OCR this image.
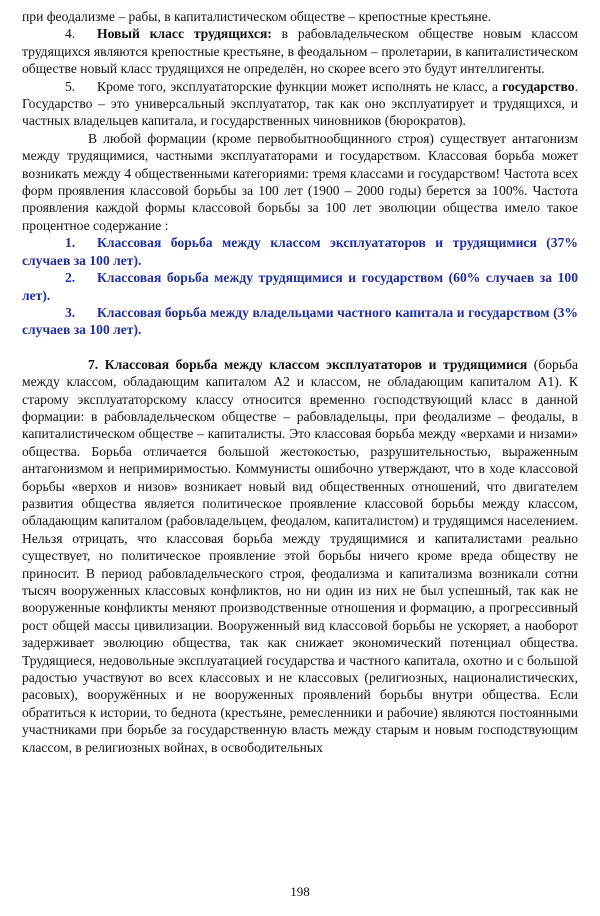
при феодализме – рабы, в капиталистическом обществе – крепостные крестьяне.

4. Новый класс трудящихся: в рабовладельческом обществе новым классом трудящихся являются крепостные крестьяне, в феодальном – пролетарии, в капиталистическом обществе новый класс трудящихся не определён, но скорее всего это будут интеллигенты.

5. Кроме того, эксплуататорские функции может исполнять не класс, а государство. Государство – это универсальный эксплуататор, так как оно эксплуатирует и трудящихся, и частных владельцев капитала, и государственных чиновников (бюрократов).

В любой формации (кроме первобытнообщинного строя) существует антагонизм между трудящимися, частными эксплуататорами и государством. Классовая борьба может возникать между 4 общественными категориями: тремя классами и государством! Частота всех форм проявления классовой борьбы за 100 лет (1900 – 2000 годы) берется за 100%. Частота проявления каждой формы классовой борьбы за 100 лет эволюции общества имело такое процентное содержание :

1. Классовая борьба между классом эксплуататоров и трудящимися (37% случаев за 100 лет).

2. Классовая борьба между трудящимися и государством (60% случаев за 100 лет).

3. Классовая борьба между владельцами частного капитала и государством (3% случаев за 100 лет).

7. Классовая борьба между классом эксплуататоров и трудящимися (борьба между классом, обладающим капиталом А2 и классом, не обладающим капиталом А1). К старому эксплуататорскому классу относится временно господствующий класс в данной формации: в рабовладельческом обществе – рабовладельцы, при феодализме – феодалы, в капиталистическом обществе – капиталисты. Это классовая борьба между «верхами и низами» общества. Борьба отличается большой жестокостью, разрушительностью, выраженным антагонизмом и непримиримостью. Коммунисты ошибочно утверждают, что в ходе классовой борьбы «верхов и низов» возникает новый вид общественных отношений, что двигателем развития общества является политическое проявление классовой борьбы между классом, обладающим капиталом (рабовладельцем, феодалом, капиталистом) и трудящимся населением. Нельзя отрицать, что классовая борьба между трудящимися и капиталистами реально существует, но политическое проявление этой борьбы ничего кроме вреда обществу не приносит. В период рабовладельческого строя, феодализма и капитализма возникали сотни тысяч вооруженных классовых конфликтов, но ни один из них не был успешный, так как не вооруженные конфликты меняют производственные отношения и формацию, а прогрессивный рост общей массы цивилизации. Вооруженный вид классовой борьбы не ускоряет, а наоборот задерживает эволюцию общества, так как снижает экономический потенциал общества. Трудящиеся, недовольные эксплуатацией государства и частного капитала, охотно и с большой радостью участвуют во всех классовых и не классовых (религиозных, националистических, расовых), вооружённых и не вооруженных проявлений борьбы внутри общества. Если обратиться к истории, то беднота (крестьяне, ремесленники и рабочие) являются постоянными участниками при борьбе за государственную власть между старым и новым господствующим классом, в религиозных войнах, в освободительных

198
